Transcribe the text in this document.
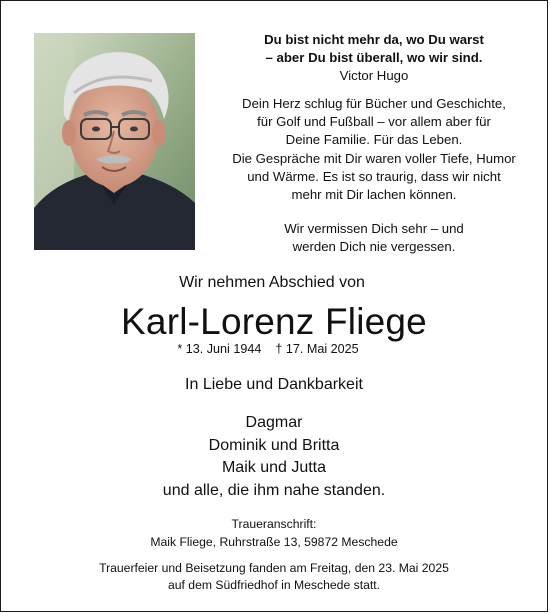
Du bist nicht mehr da, wo Du warst
– aber Du bist überall, wo wir sind.
Victor Hugo
Dein Herz schlug für Bücher und Geschichte,
für Golf und Fußball – vor allem aber für
Deine Familie. Für das Leben.
Die Gespräche mit Dir waren voller Tiefe, Humor
und Wärme. Es ist so traurig, dass wir nicht
mehr mit Dir lachen können.
Wir vermissen Dich sehr – und
werden Dich nie vergessen.
Wir nehmen Abschied von
Karl-Lorenz Fliege
* 13. Juni 1944 † 17. Mai 2025
In Liebe und Dankbarkeit
Dagmar
Dominik und Britta
Maik und Jutta
und alle, die ihm nahe standen.
Traueranschrift:
Maik Fliege, Ruhrstraße 13, 59872 Meschede
Trauerfeier und Beisetzung fanden am Freitag, den 23. Mai 2025
auf dem Südfriedhof in Meschede statt.
